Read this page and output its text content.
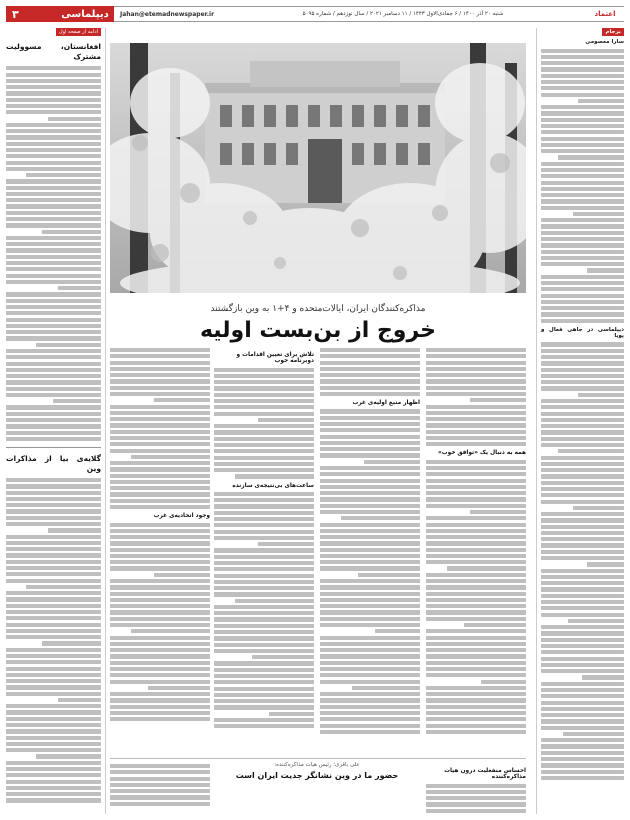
اعتماد
شنبه ۲۰ آذر ۱۴۰۰ / ۶ جمادی‌الاول ۱۴۴۳ / ۱۱ دسامبر ۲۰۲۱ / سال نوزدهم / شماره ۵۰۹۵
Jahan@etemadnewspaper.ir
دیپلماسی
۳
برجام
سارا معصومی
دیپلماسی در جاهی فعال و پویا
ادامه از صفحه اول
افغانستان، مسوولیت مشترک
گلایه‌ی بیا از مذاکرات وین
مذاکره‌کنندگان ایران، ایالات‌متحده و ۴+۱ به وین بازگشتند
خروج از بن‌بست اولیه
همه به دنبال یک «توافق خوب»
اظهار منبع اولیه‌ی غرب
تلاش برای تعیین اقدامات و دوبرنامه خوب
ساعت‌های بی‌نتیجه‌ی سازنده
وجود اتحادیه‌ی غرب
علی باقری؛ رئیس هیات مذاکره‌کننده:
حضور ما در وین نشانگر جدیت ایران است	احساس منفعلیت درون هیات مذاکره‌کننده
